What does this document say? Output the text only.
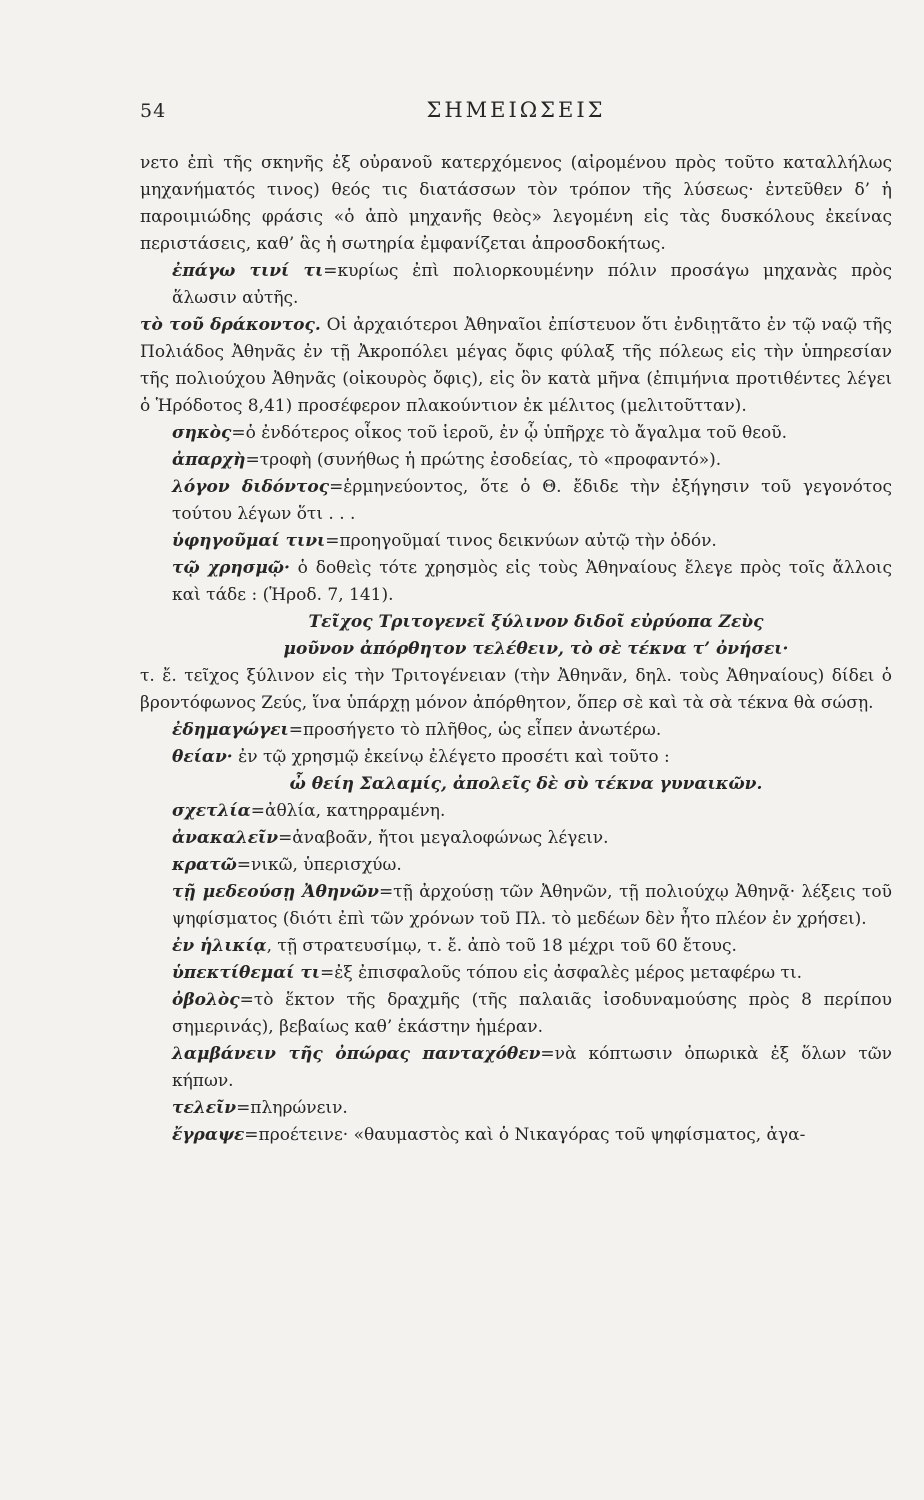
54	ΣΗΜΕΙΩΣΕΙΣ

νετο ἐπὶ τῆς σκηνῆς ἐξ οὐρανοῦ κατερχόμενος (αἰρομένου πρὸς τοῦτο καταλλήλως μηχανήματός τινος) θεός τις διατάσσων τὸν τρόπον τῆς λύσεως· ἐντεῦθεν δ’ ἡ παροιμιώδης φράσις «ὁ ἀπὸ μηχανῆς θεὸς» λεγομένη εἰς τὰς δυσκόλους ἐκείνας περιστάσεις, καθ’ ἃς ἡ σωτηρία ἐμφανίζεται ἀπροσδοκήτως.

ἐπάγω τινί τι=κυρίως ἐπὶ πολιορκουμένην πόλιν προσάγω μηχανὰς πρὸς ἅλωσιν αὐτῆς.

τὸ τοῦ δράκοντος. Οἱ ἀρχαιότεροι Ἀθηναῖοι ἐπίστευον ὅτι ἐνδιῃτᾶτο ἐν τῷ ναῷ τῆς Πολιάδος Ἀθηνᾶς ἐν τῇ Ἀκροπόλει μέγας ὄφις φύλαξ τῆς πόλεως εἰς τὴν ὑπηρεσίαν τῆς πολιούχου Ἀθηνᾶς (οἰκουρὸς ὄφις), εἰς ὃν κατὰ μῆνα (ἐπιμήνια προτιθέντες λέγει ὁ Ἡρόδοτος 8,41) προσέφερον πλακούντιον ἐκ μέλιτος (μελιτοῦτταν).

σηκὸς=ὁ ἐνδότερος οἶκος τοῦ ἱεροῦ, ἐν ᾧ ὑπῆρχε τὸ ἄγαλμα τοῦ θεοῦ.

ἀπαρχὴ=τροφὴ (συνήθως ἡ πρώτης ἐσοδείας, τὸ «προφαντό»).

λόγον διδόντος=ἑρμηνεύοντος, ὅτε ὁ Θ. ἔδιδε τὴν ἐξήγησιν τοῦ γεγονότος τούτου λέγων ὅτι . . .

ὑφηγοῦμαί τινι=προηγοῦμαί τινος δεικνύων αὐτῷ τὴν ὁδόν.

τῷ χρησμῷ· ὁ δοθεὶς τότε χρησμὸς εἰς τοὺς Ἀθηναίους ἔλεγε πρὸς τοῖς ἄλλοις καὶ τάδε : (Ἡροδ. 7, 141).

Τεῖχος Τριτογενεῖ ξύλινον διδοῖ εὐρύοπα Ζεὺς

μοῦνον ἀπόρθητον τελέθειν, τὸ σὲ τέκνα τ’ ὀνήσει·

τ. ἔ. τεῖχος ξύλινον εἰς τὴν Τριτογένειαν (τὴν Ἀθηνᾶν, δηλ. τοὺς Ἀθηναίους) δίδει ὁ βροντόφωνος Ζεύς, ἵνα ὑπάρχῃ μόνον ἀπόρθητον, ὅπερ σὲ καὶ τὰ σὰ τέκνα θὰ σώσῃ.

ἐδημαγώγει=προσήγετο τὸ πλῆθος, ὡς εἶπεν ἀνωτέρω.

θείαν· ἐν τῷ χρησμῷ ἐκείνῳ ἐλέγετο προσέτι καὶ τοῦτο :

ὦ θείη Σαλαμίς, ἀπολεῖς δὲ σὺ τέκνα γυναικῶν.

σχετλία=ἀθλία, κατηρραμένη.

ἀνακαλεῖν=ἀναβοᾶν, ἤτοι μεγαλοφώνως λέγειν.

κρατῶ=νικῶ, ὑπερισχύω.

τῇ μεδεούσῃ Ἀθηνῶν=τῇ ἀρχούσῃ τῶν Ἀθηνῶν, τῇ πολιούχῳ Ἀθηνᾷ· λέξεις τοῦ ψηφίσματος (διότι ἐπὶ τῶν χρόνων τοῦ Πλ. τὸ μεδέων δὲν ἦτο πλέον ἐν χρήσει).

ἐν ἡλικίᾳ, τῇ στρατευσίμῳ, τ. ἔ. ἀπὸ τοῦ 18 μέχρι τοῦ 60 ἔτους.

ὑπεκτίθεμαί τι=ἐξ ἐπισφαλοῦς τόπου εἰς ἀσφαλὲς μέρος μεταφέρω τι.

ὀβολὸς=τὸ ἕκτον τῆς δραχμῆς (τῆς παλαιᾶς ἰσοδυναμούσης πρὸς 8 περίπου σημερινάς), βεβαίως καθ’ ἑκάστην ἡμέραν.

λαμβάνειν τῆς ὀπώρας πανταχόθεν=νὰ κόπτωσιν ὀπωρικὰ ἐξ ὅλων τῶν κήπων.

τελεῖν=πληρώνειν.

ἔγραψε=προέτεινε· «θαυμαστὸς καὶ ὁ Νικαγόρας τοῦ ψηφίσματος, ἀγα-
